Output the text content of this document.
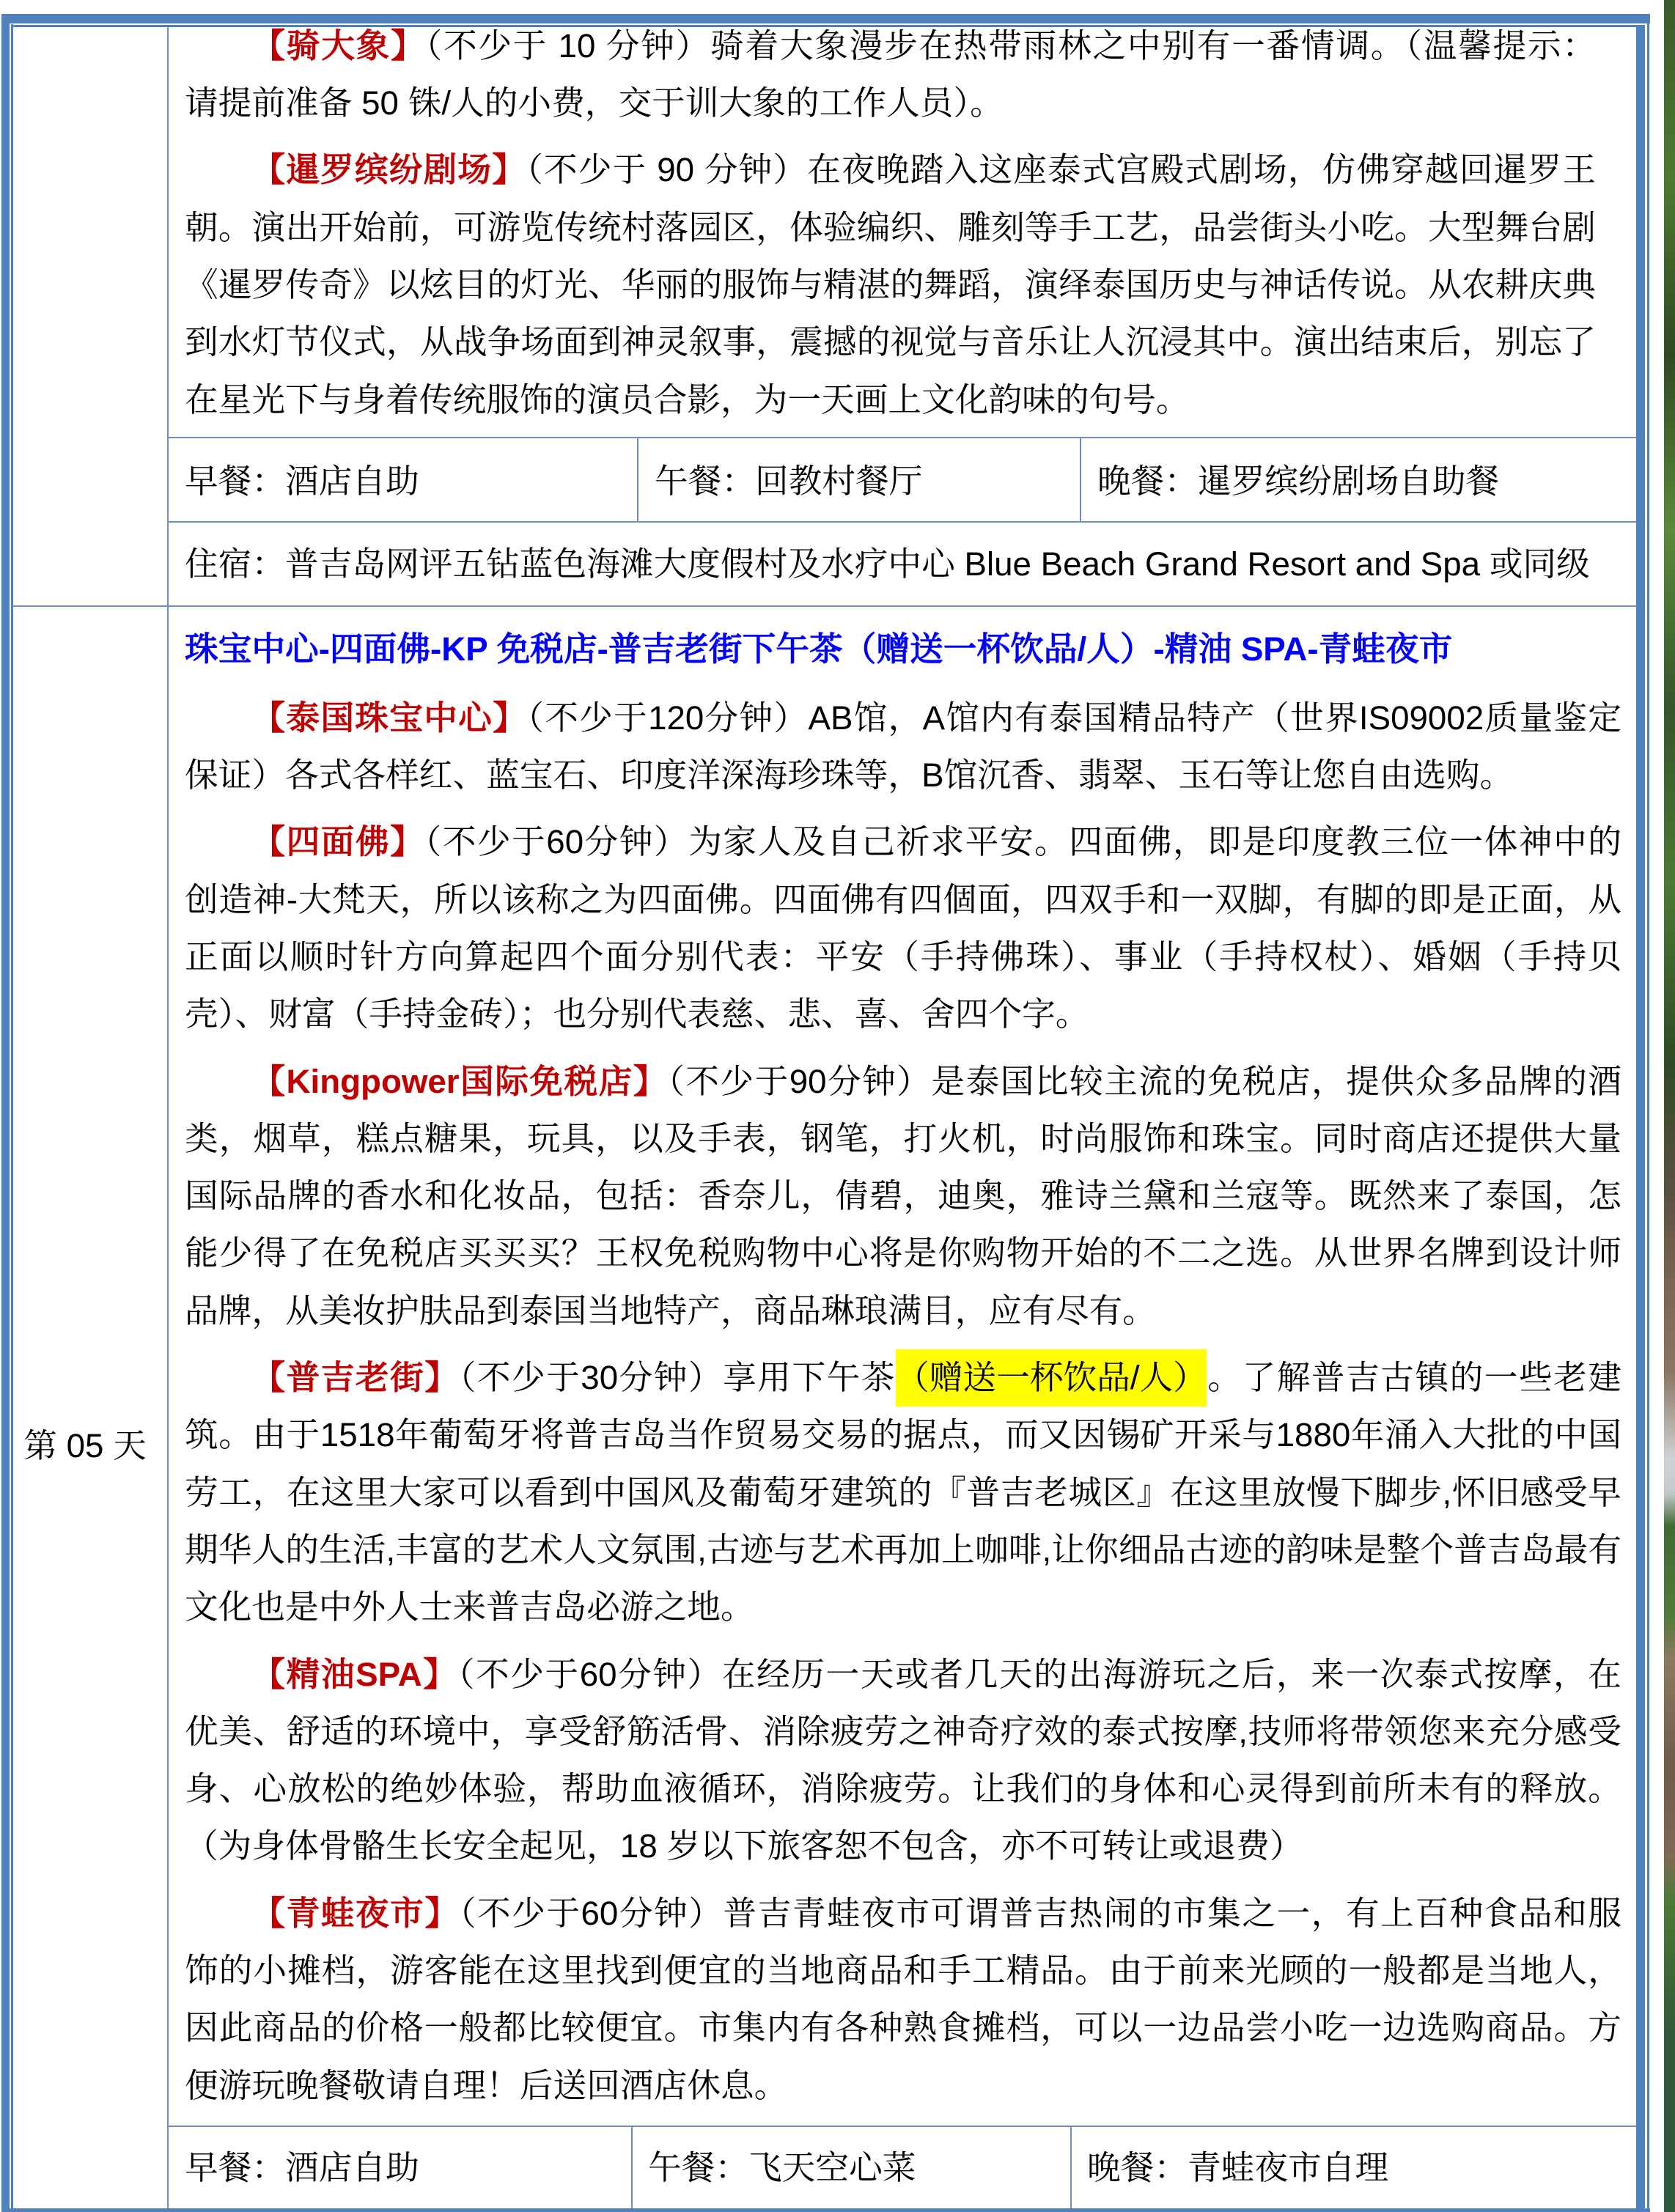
【骑大象】（不少于 10 分钟）骑着大象漫步在热带雨林之中别有一番情调。（温馨提示：
请提前准备 50 铢/人的小费，交于训大象的工作人员）。
【暹罗缤纷剧场】（不少于 90 分钟）在夜晚踏入这座泰式宫殿式剧场，仿佛穿越回暹罗王
朝。演出开始前，可游览传统村落园区，体验编织、雕刻等手工艺，品尝街头小吃。大型舞台剧
《暹罗传奇》以炫目的灯光、华丽的服饰与精湛的舞蹈，演绎泰国历史与神话传说。从农耕庆典
到水灯节仪式，从战争场面到神灵叙事，震撼的视觉与音乐让人沉浸其中。演出结束后，别忘了
在星光下与身着传统服饰的演员合影，为一天画上文化韵味的句号。
早餐：酒店自助	午餐：回教村餐厅	晚餐：暹罗缤纷剧场自助餐
住宿：普吉岛网评五钻蓝色海滩大度假村及水疗中心 Blue Beach Grand Resort and Spa 或同级
第 05 天
珠宝中心-四面佛-KP 免税店-普吉老街下午茶（赠送一杯饮品/人）-精油 SPA-青蛙夜市
【泰国珠宝中心】（不少于120分钟）AB馆，A馆内有泰国精品特产（世界IS09002质量鉴定
保证）各式各样红、蓝宝石、印度洋深海珍珠等，B馆沉香、翡翠、玉石等让您自由选购。
【四面佛】（不少于60分钟）为家人及自己祈求平安。四面佛，即是印度教三位一体神中的
创造神-大梵天，所以该称之为四面佛。四面佛有四個面，四双手和一双脚，有脚的即是正面，从
正面以顺时针方向算起四个面分别代表：平安（手持佛珠）、事业（手持权杖）、婚姻（手持贝
壳）、财富（手持金砖）；也分别代表慈、悲、喜、舍四个字。
【Kingpower国际免税店】（不少于90分钟）是泰国比较主流的免税店，提供众多品牌的酒
类，烟草，糕点糖果，玩具，以及手表，钢笔，打火机，时尚服饰和珠宝。同时商店还提供大量
国际品牌的香水和化妆品，包括：香奈儿，倩碧，迪奥，雅诗兰黛和兰寇等。既然来了泰国，怎
能少得了在免税店买买买？王权免税购物中心将是你购物开始的不二之选。从世界名牌到设计师
品牌，从美妆护肤品到泰国当地特产，商品琳琅满目，应有尽有。
【普吉老街】（不少于30分钟）享用下午茶（赠送一杯饮品/人）。了解普吉古镇的一些老建
筑。由于1518年葡萄牙将普吉岛当作贸易交易的据点，而又因锡矿开采与1880年涌入大批的中国
劳工，在这里大家可以看到中国风及葡萄牙建筑的『普吉老城区』在这里放慢下脚步,怀旧感受早
期华人的生活,丰富的艺术人文氛围,古迹与艺术再加上咖啡,让你细品古迹的韵味是整个普吉岛最有
文化也是中外人士来普吉岛必游之地。
【精油SPA】（不少于60分钟）在经历一天或者几天的出海游玩之后，来一次泰式按摩，在
优美、舒适的环境中，享受舒筋活骨、消除疲劳之神奇疗效的泰式按摩,技师将带领您来充分感受
身、心放松的绝妙体验，帮助血液循环，消除疲劳。让我们的身体和心灵得到前所未有的释放。
（为身体骨骼生长安全起见，18 岁以下旅客恕不包含，亦不可转让或退费）
【青蛙夜市】（不少于60分钟）普吉青蛙夜市可谓普吉热闹的市集之一，有上百种食品和服
饰的小摊档，游客能在这里找到便宜的当地商品和手工精品。由于前来光顾的一般都是当地人，
因此商品的价格一般都比较便宜。市集内有各种熟食摊档，可以一边品尝小吃一边选购商品。方
便游玩晚餐敬请自理！后送回酒店休息。
早餐：酒店自助	午餐：飞天空心菜	晚餐：青蛙夜市自理
